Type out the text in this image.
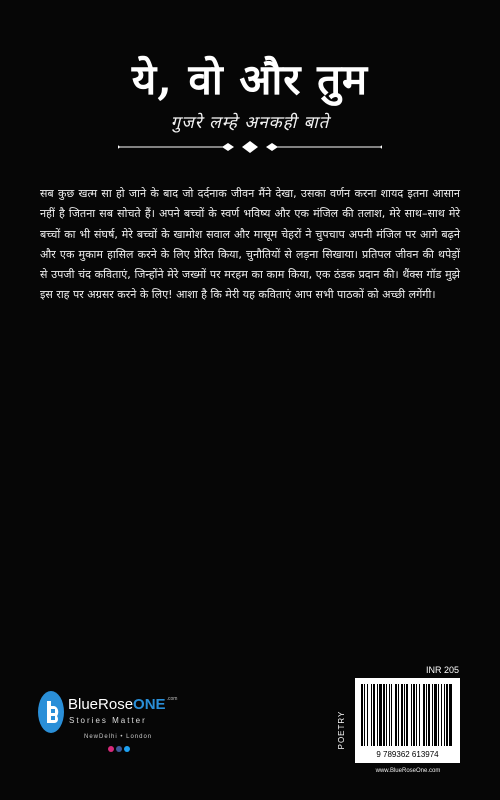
ये, वो और तुम
गुजरे लम्हे अनकही बाते
सब कुछ खत्म सा हो जाने के बाद जो दर्दनाक जीवन मैंने देखा, उसका वर्णन करना शायद इतना आसान नहीं है जितना सब सोचते हैं। अपने बच्चों के स्वर्ण भविष्य और एक मंजिल की तलाश, मेरे साथ–साथ मेरे बच्चों का भी संघर्ष, मेरे बच्चों के खामोश सवाल और मासूम चेहरों ने चुपचाप अपनी मंजिल पर आगे बढ़ने और एक मुकाम हासिल करने के लिए प्रेरित किया, चुनौतियों से लड़ना सिखाया। प्रतिपल जीवन की थपेड़ों से उपजी चंद कविताएं, जिन्होंने मेरे जख्मों पर मरहम का काम किया, एक ठंडक प्रदान की। थैंक्स गॉड मुझे इस राह पर अग्रसर करने के लिए! आशा है कि मेरी यह कविताएं आप सभी पाठकों को अच्छी लगेंगी।
BlueRoseONE$^{.com}$
Stories Matter
NewDelhi • London
INR 205
POETRY
9 789362 613974
www.BlueRoseOne.com
